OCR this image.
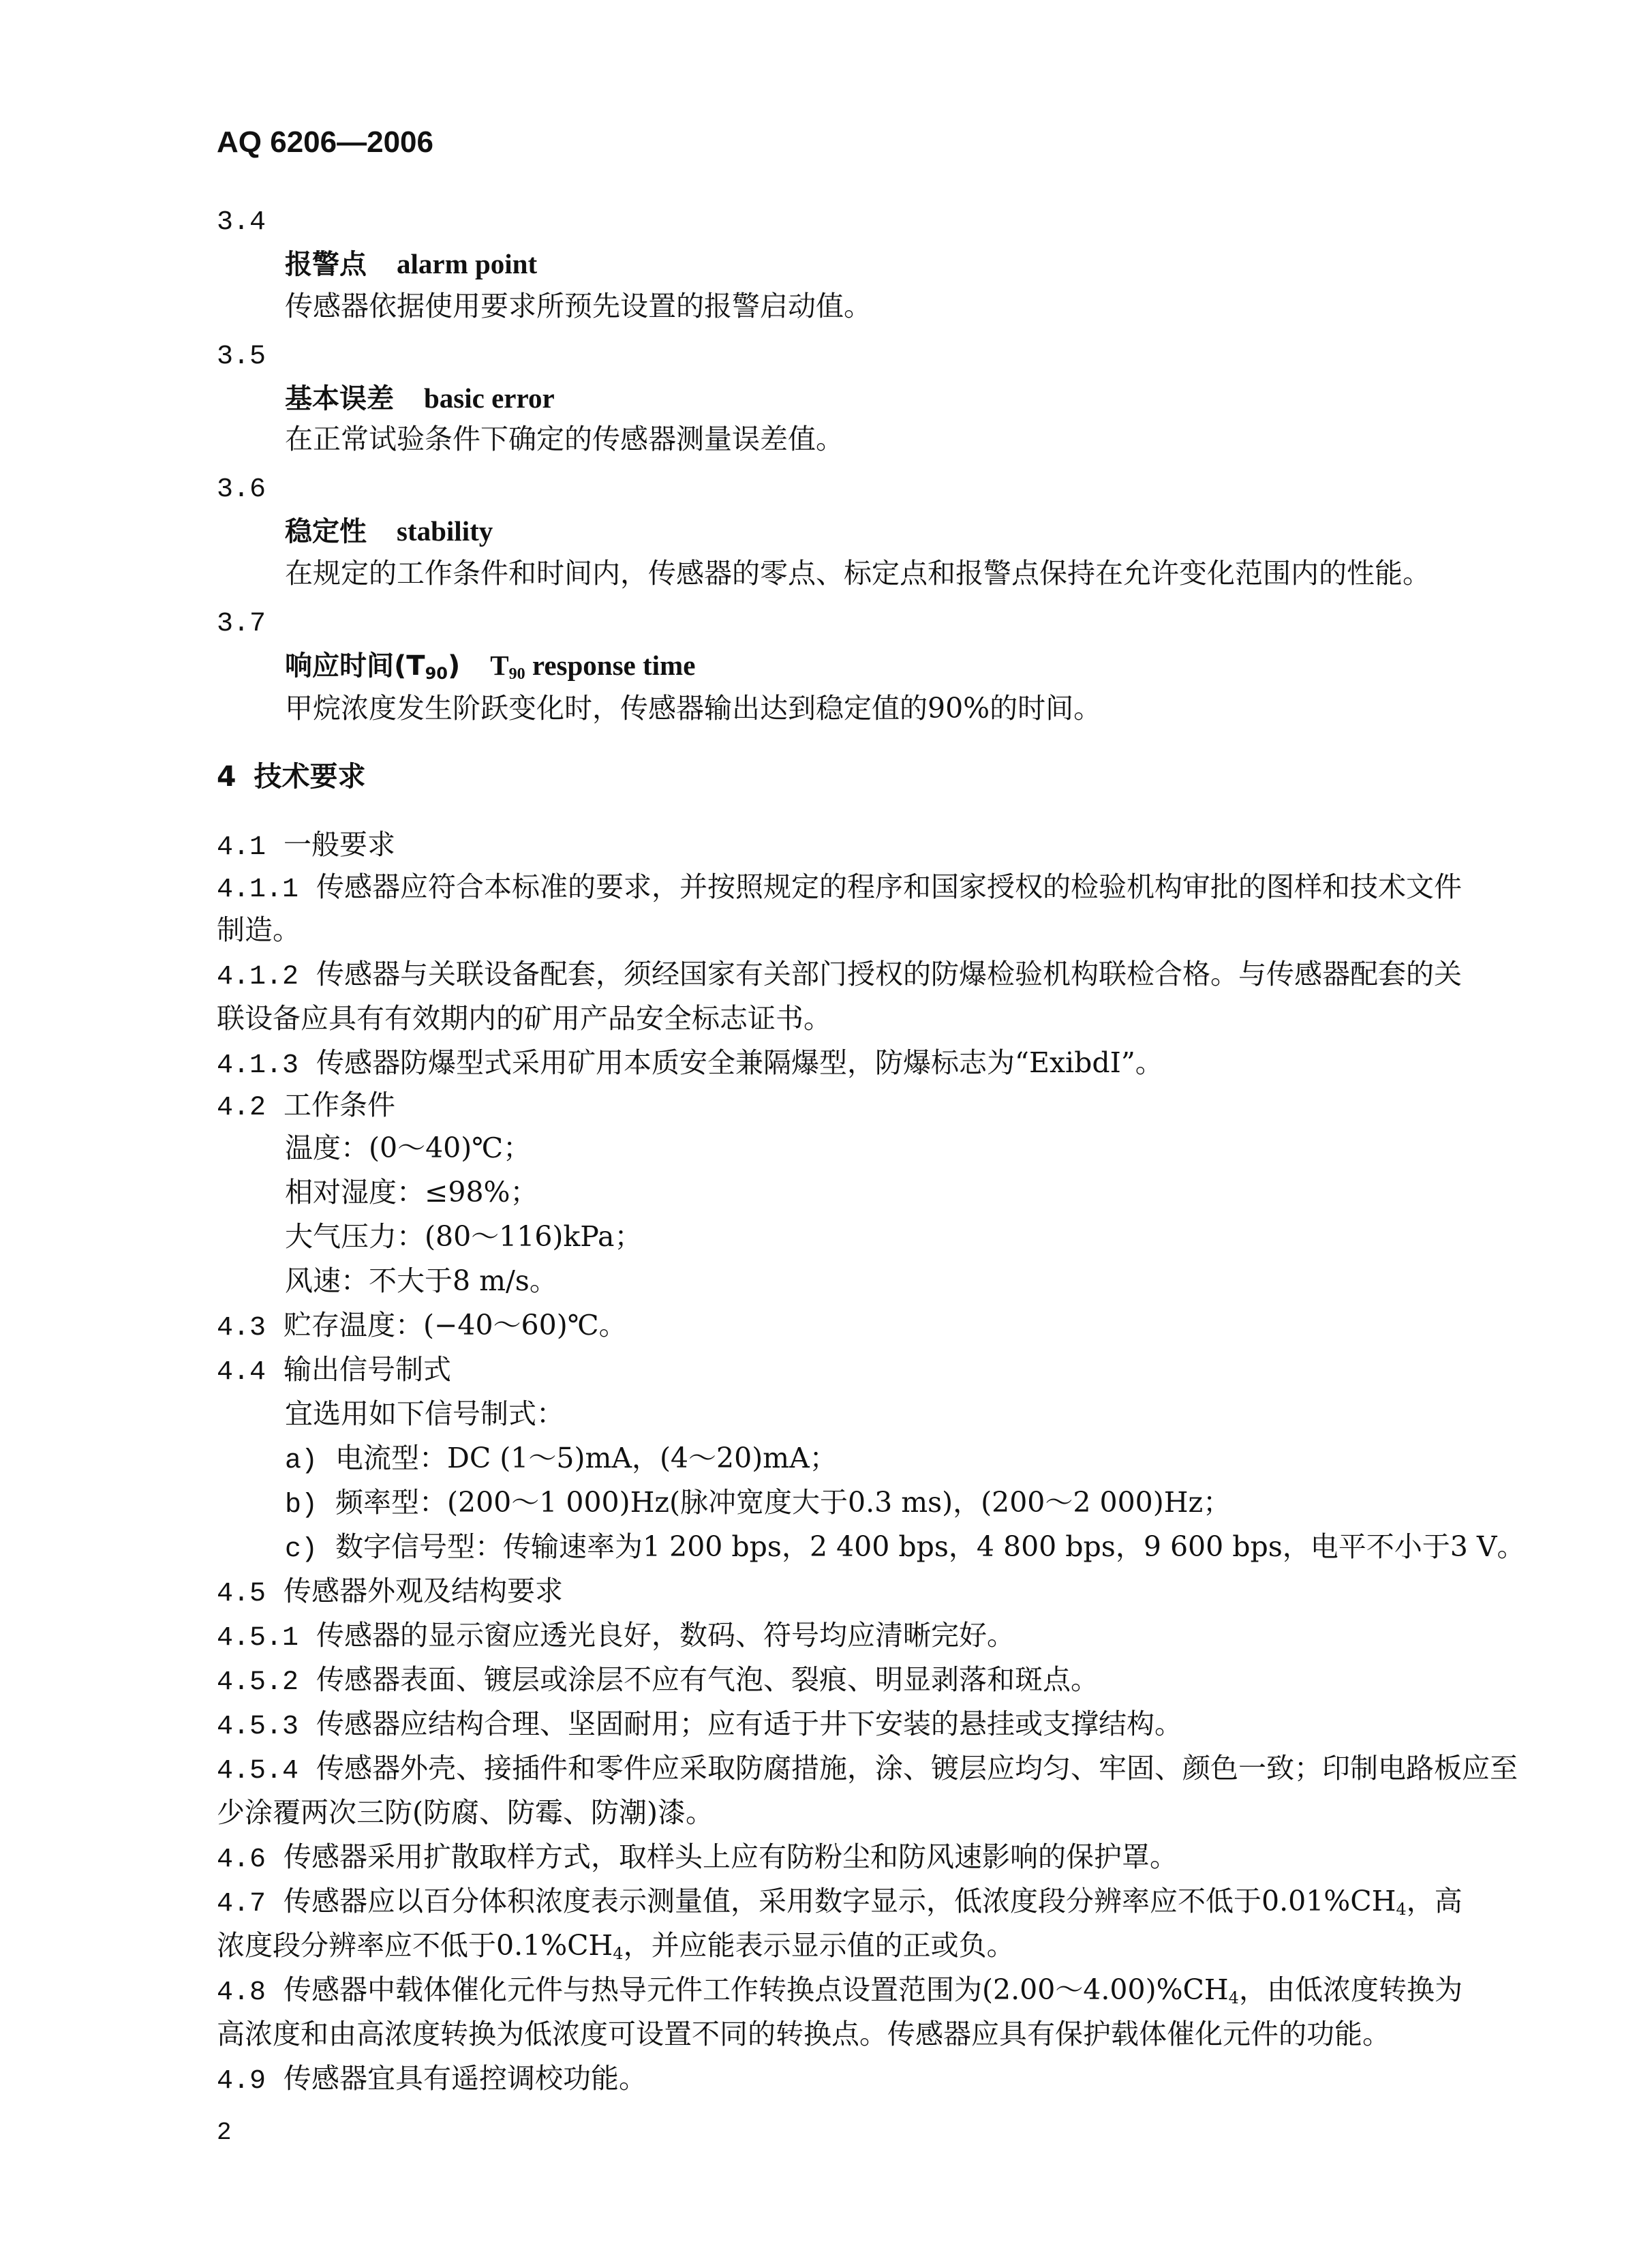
AQ 6206—2006
3.4
报警点 alarm point
传感器依据使用要求所预先设置的报警启动值。
3.5
基本误差 basic error
在正常试验条件下确定的传感器测量误差值。
3.6
稳定性 stability
在规定的工作条件和时间内，传感器的零点、标定点和报警点保持在允许变化范围内的性能。
3.7
响应时间$(T_{90})$ $T_{90}$ response time
甲烷浓度发生阶跃变化时，传感器输出达到稳定值的90%的时间。
4 技术要求
4.1 一般要求
4.1.1 传感器应符合本标准的要求，并按照规定的程序和国家授权的检验机构审批的图样和技术文件
制造。
4.1.2 传感器与关联设备配套，须经国家有关部门授权的防爆检验机构联检合格。与传感器配套的关
联设备应具有有效期内的矿用产品安全标志证书。
4.1.3 传感器防爆型式采用矿用本质安全兼隔爆型，防爆标志为“ExibdI”。
4.2 工作条件
温度：(0～40)℃；
相对湿度：≤98%；
大气压力：(80～116)kPa；
风速：不大于8 m/s。
4.3 贮存温度：(−40～60)℃。
4.4 输出信号制式
宜选用如下信号制式：
a) 电流型：DC (1～5)mA，(4～20)mA；
b) 频率型：(200～1 000)Hz(脉冲宽度大于0.3 ms)，(200～2 000)Hz；
c) 数字信号型：传输速率为1 200 bps，2 400 bps，4 800 bps，9 600 bps，电平不小于3 V。
4.5 传感器外观及结构要求
4.5.1 传感器的显示窗应透光良好，数码、符号均应清晰完好。
4.5.2 传感器表面、镀层或涂层不应有气泡、裂痕、明显剥落和斑点。
4.5.3 传感器应结构合理、坚固耐用；应有适于井下安装的悬挂或支撑结构。
4.5.4 传感器外壳、接插件和零件应采取防腐措施，涂、镀层应均匀、牢固、颜色一致；印制电路板应至
少涂覆两次三防(防腐、防霉、防潮)漆。
4.6 传感器采用扩散取样方式，取样头上应有防粉尘和防风速影响的保护罩。
4.7 传感器应以百分体积浓度表示测量值，采用数字显示，低浓度段分辨率应不低于$0.01\%CH_4$，高
浓度段分辨率应不低于$0.1\%CH_4$，并应能表示显示值的正或负。
4.8 传感器中载体催化元件与热导元件工作转换点设置范围为$(2.00\sim 4.00)\%CH_4$，由低浓度转换为
高浓度和由高浓度转换为低浓度可设置不同的转换点。传感器应具有保护载体催化元件的功能。
4.9 传感器宜具有遥控调校功能。
2
